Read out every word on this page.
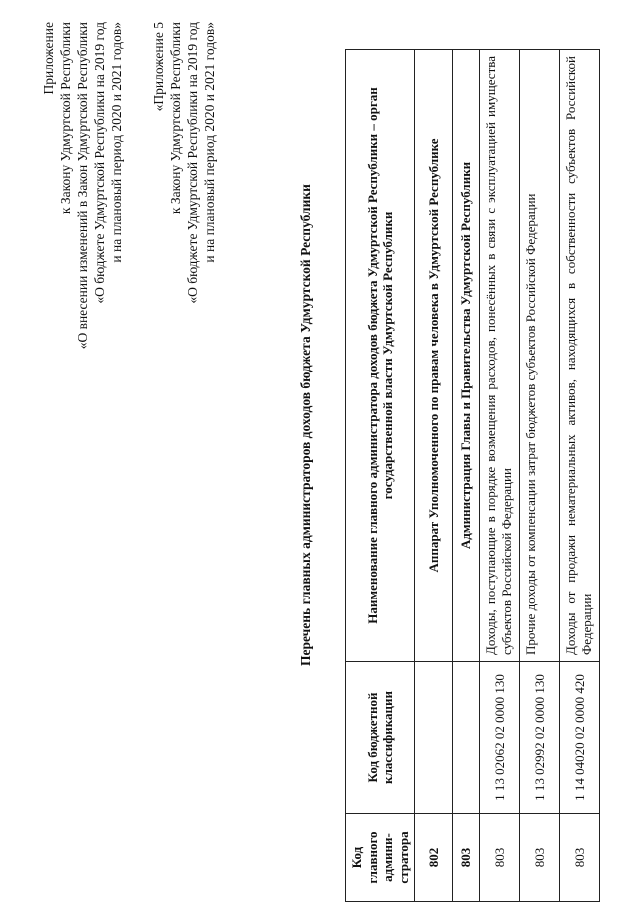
Приложение к Закону Удмуртской Республики «О внесении изменений в Закон Удмуртской Республики «О бюджете Удмуртской Республики на 2019 год и на плановый период 2020 и 2021 годов» «Приложение 5 к Закону Удмуртской Республики «О бюджете Удмуртской Республики на 2019 год и на плановый период 2020 и 2021 годов»
Перечень главных администраторов доходов бюджета Удмуртской Республики
Код главного админи-стратора	Код бюджетной классификации	Наименование главного администратора доходов бюджета Удмуртской Республики – орган государственной власти Удмуртской Республики
802		Аппарат Уполномоченного по правам человека в Удмуртской Республике
803		Администрация Главы и Правительства Удмуртской Республики
803	1 13 02062 02 0000 130	Доходы, поступающие в порядке возмещения расходов, понесённых в связи с эксплуатацией имущества субъектов Российской Федерации
803	1 13 02992 02 0000 130	Прочие доходы от компенсации затрат бюджетов субъектов Российской Федерации
803	1 14 04020 02 0000 420	Доходы от продажи нематериальных активов, находящихся в собственности субъектов Российской Федерации
